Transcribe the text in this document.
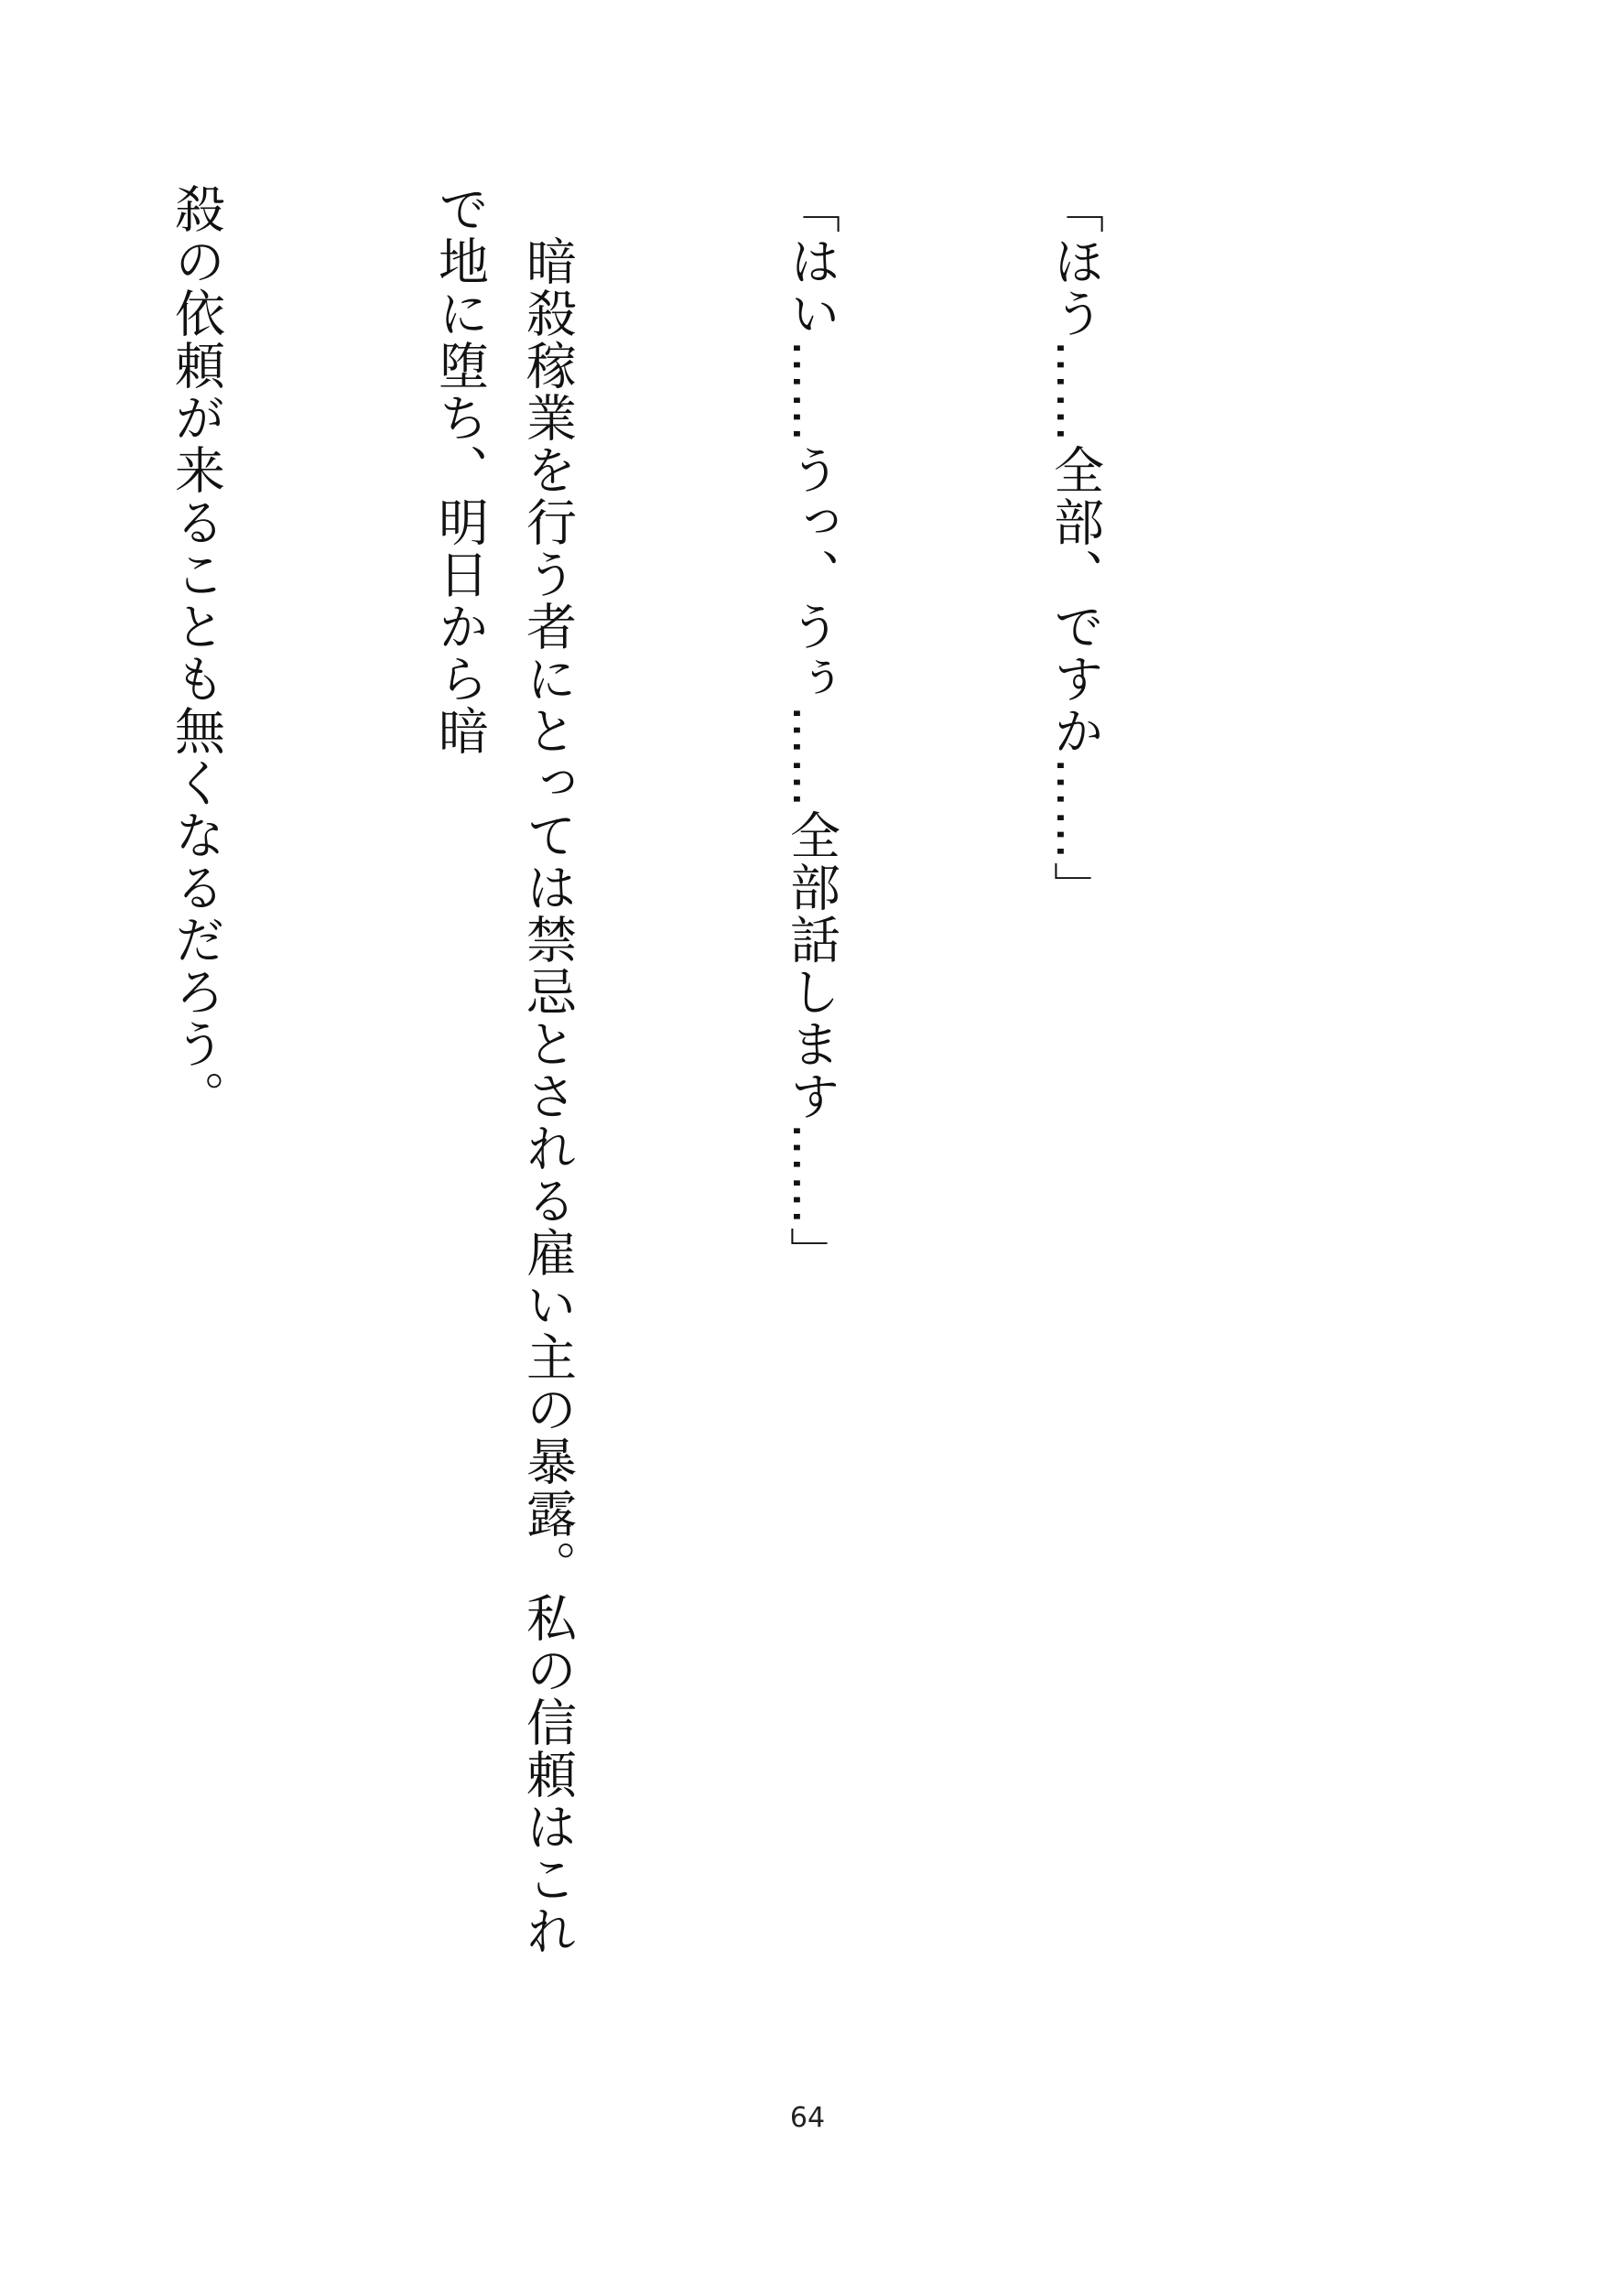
「ほう……全部、ですか……」

「はい……うっ、うぅ……全部話します……」

　暗殺稼業を行う者にとっては禁忌とされる雇い主の暴露。私の信頼はこれで地に堕ち、明日から暗

殺の依頼が来ることも無くなるだろう。

64
